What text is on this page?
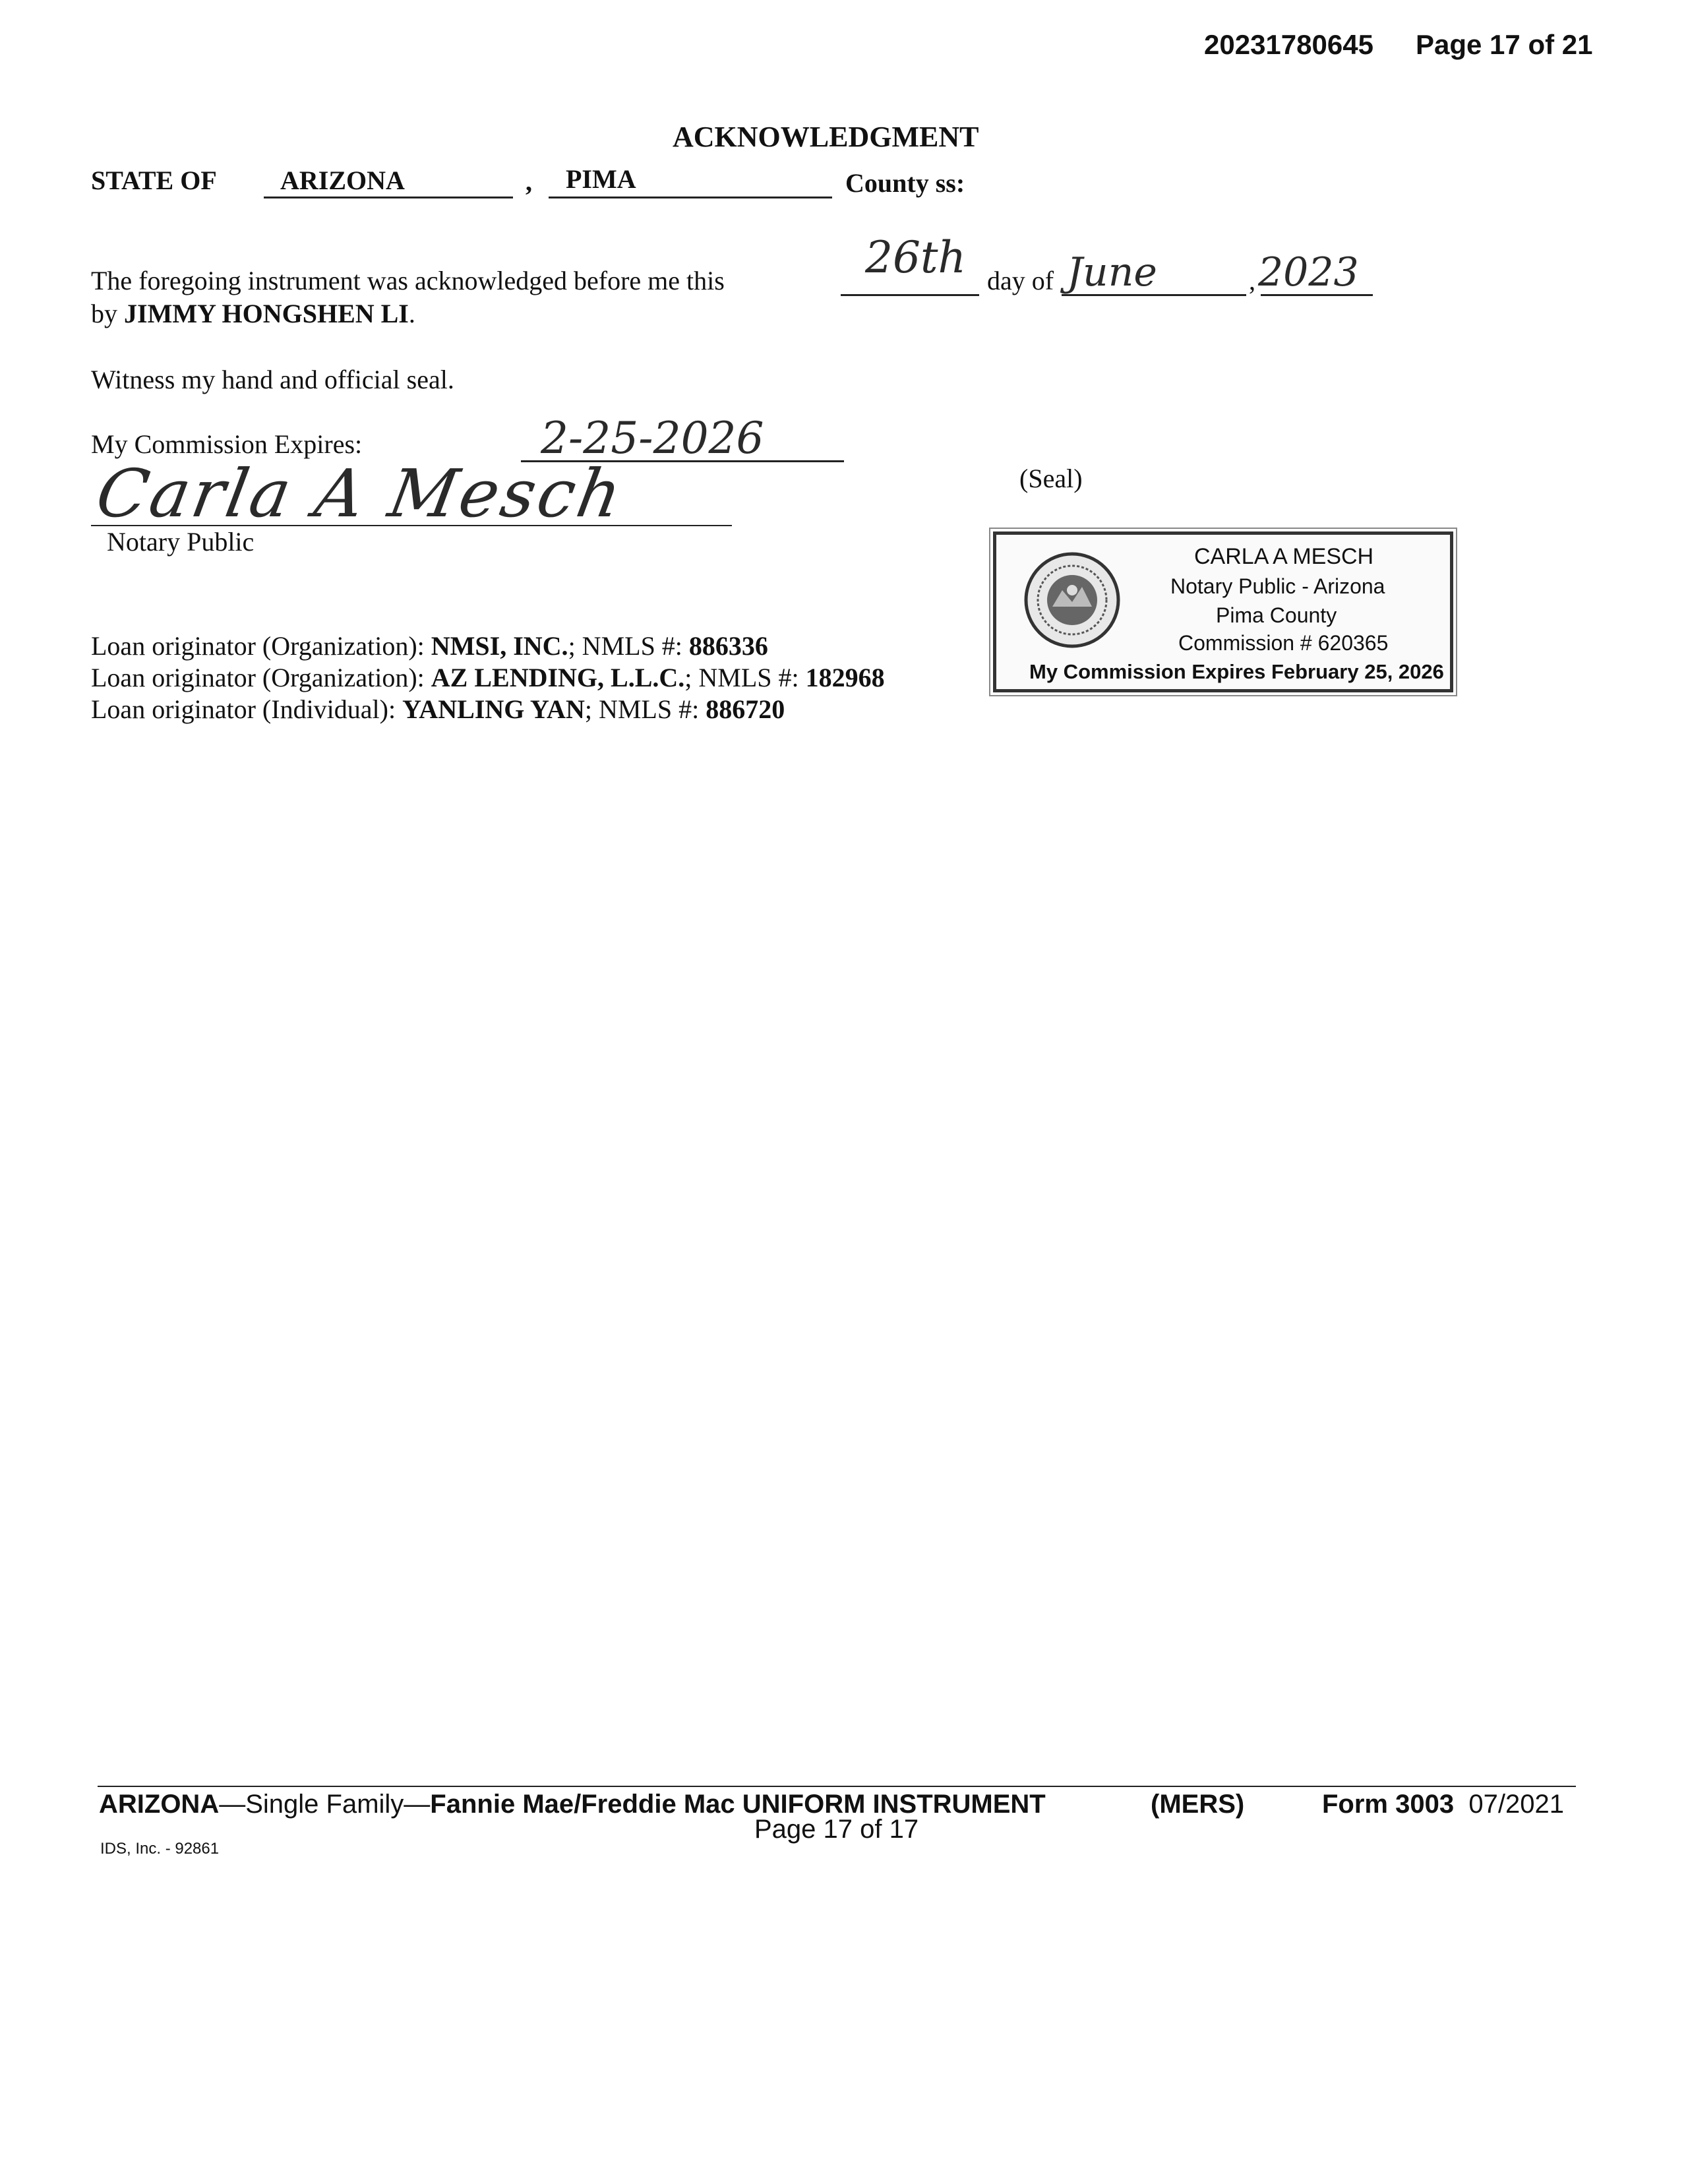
20231780645 Page 17 of 21
ACKNOWLEDGMENT
STATE OF ARIZONA	, PIMA	County ss:
The foregoing instrument was acknowledged before me this	26th day of June	, 2023
by JIMMY HONGSHEN LI.
Witness my hand and official seal.
My Commission Expires:	2-25-2026
Carla A Mesch
Notary Public
(Seal)
CARLA A MESCH
Notary Public - Arizona
Pima County
Commission # 620365
My Commission Expires February 25, 2026
Loan originator (Organization): NMSI, INC.; NMLS #: 886336
Loan originator (Organization): AZ LENDING, L.L.C.; NMLS #: 182968
Loan originator (Individual): YANLING YAN; NMLS #: 886720
ARIZONA—Single Family—Fannie Mae/Freddie Mac UNIFORM INSTRUMENT	(MERS)	Form 3003 07/2021
Page 17 of 17
IDS, Inc. - 92861
